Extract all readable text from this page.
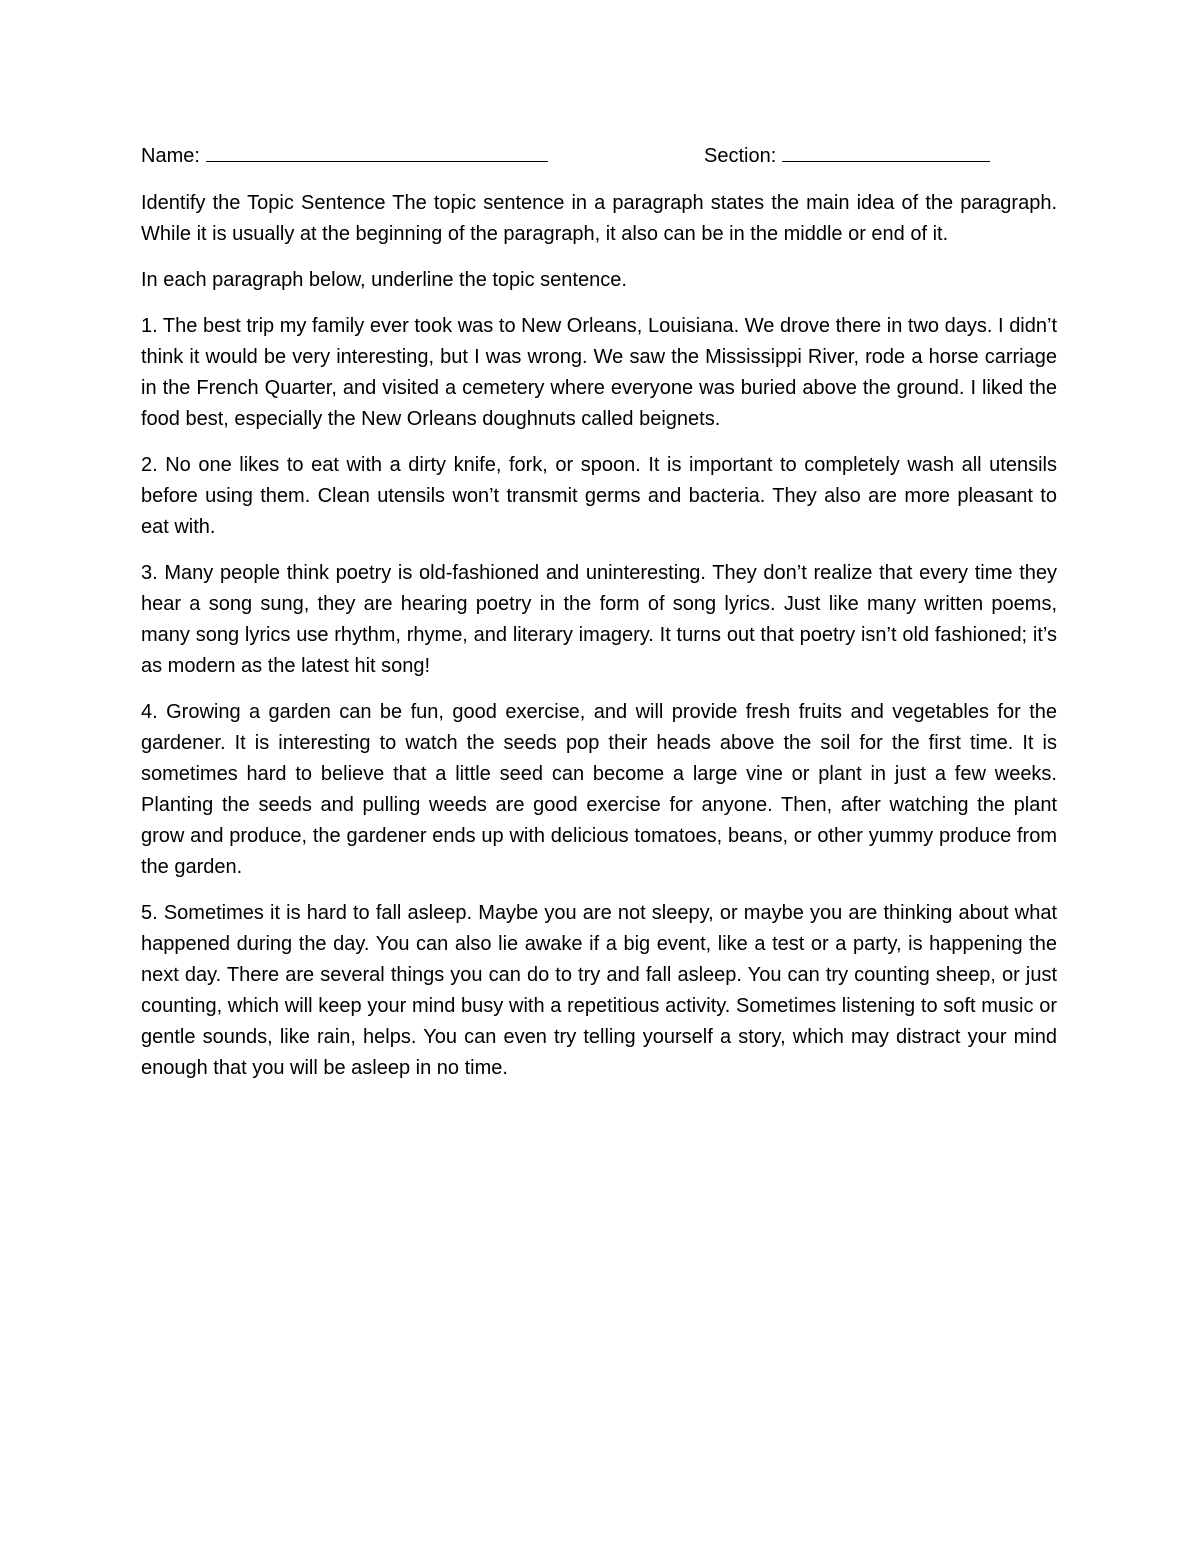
Name:	Section:

Identify the Topic Sentence The topic sentence in a paragraph states the main idea of the paragraph. While it is usually at the beginning of the paragraph, it also can be in the middle or end of it.

In each paragraph below, underline the topic sentence.

1. The best trip my family ever took was to New Orleans, Louisiana. We drove there in two days. I didn’t think it would be very interesting, but I was wrong. We saw the Mississippi River, rode a horse carriage in the French Quarter, and visited a cemetery where everyone was buried above the ground. I liked the food best, especially the New Orleans doughnuts called beignets.

2. No one likes to eat with a dirty knife, fork, or spoon. It is important to completely wash all utensils before using them. Clean utensils won’t transmit germs and bacteria. They also are more pleasant to eat with.

3. Many people think poetry is old-fashioned and uninteresting. They don’t realize that every time they hear a song sung, they are hearing poetry in the form of song lyrics. Just like many written poems, many song lyrics use rhythm, rhyme, and literary imagery. It turns out that poetry isn’t old fashioned; it’s as modern as the latest hit song!

4. Growing a garden can be fun, good exercise, and will provide fresh fruits and vegetables for the gardener. It is interesting to watch the seeds pop their heads above the soil for the first time. It is sometimes hard to believe that a little seed can become a large vine or plant in just a few weeks. Planting the seeds and pulling weeds are good exercise for anyone. Then, after watching the plant grow and produce, the gardener ends up with delicious tomatoes, beans, or other yummy produce from the garden.

5. Sometimes it is hard to fall asleep. Maybe you are not sleepy, or maybe you are thinking about what happened during the day. You can also lie awake if a big event, like a test or a party, is happening the next day. There are several things you can do to try and fall asleep. You can try counting sheep, or just counting, which will keep your mind busy with a repetitious activity. Sometimes listening to soft music or gentle sounds, like rain, helps. You can even try telling yourself a story, which may distract your mind enough that you will be asleep in no time.
